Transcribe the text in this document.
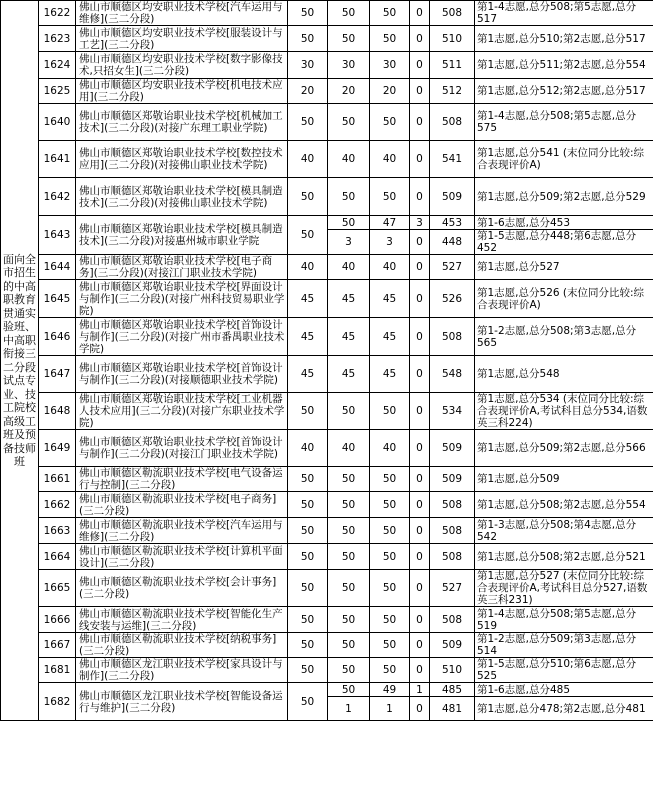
面向全市招生的中高职教育贯通实验班、中高职衔接三二分段试点专业、技工院校高级工班及预备技师班	1622	佛山市顺德区均安职业技术学校[汽车运用与维修](三二分段)	50	50	50	0	508	第1-4志愿,总分508;第5志愿,总分517
	1623	佛山市顺德区均安职业技术学校[服装设计与工艺](三二分段)	50	50	50	0	510	第1志愿,总分510;第2志愿,总分517
	1624	佛山市顺德区均安职业技术学校[数字影像技术,只招女生](三二分段)	30	30	30	0	511	第1志愿,总分511;第2志愿,总分554
	1625	佛山市顺德区均安职业技术学校[机电技术应用](三二分段)	20	20	20	0	512	第1志愿,总分512;第2志愿,总分517
	1640	佛山市顺德区郑敬诒职业技术学校[机械加工技术](三二分段)(对接广东理工职业学院)	50	50	50	0	508	第1-4志愿,总分508;第5志愿,总分575
	1641	佛山市顺德区郑敬诒职业技术学校[数控技术应用](三二分段)(对接佛山职业技术学院)	40	40	40	0	541	第1志愿,总分541 (末位同分比较:综合表现评价A)
	1642	佛山市顺德区郑敬诒职业技术学校[模具制造技术](三二分段)(对接佛山职业技术学院)	50	50	50	0	509	第1志愿,总分509;第2志愿,总分529
	1643	佛山市顺德区郑敬诒职业技术学校[模具制造技术](三二分段)对接惠州城市职业学院	50	50	47	3	453	第1-6志愿,总分453
				3	3	0	448	第1-5志愿,总分448;第6志愿,总分452
	1644	佛山市顺德区郑敬诒职业技术学校[电子商务](三二分段)(对接江门职业技术学院)	40	40	40	0	527	第1志愿,总分527
	1645	佛山市顺德区郑敬诒职业技术学校[界面设计与制作](三二分段)(对接广州科技贸易职业学院)	45	45	45	0	526	第1志愿,总分526 (末位同分比较:综合表现评价A)
	1646	佛山市顺德区郑敬诒职业技术学校[首饰设计与制作](三二分段)(对接广州市番禺职业技术学院)	45	45	45	0	508	第1-2志愿,总分508;第3志愿,总分565
	1647	佛山市顺德区郑敬诒职业技术学校[首饰设计与制作](三二分段)(对接顺德职业技术学院)	45	45	45	0	548	第1志愿,总分548
	1648	佛山市顺德区郑敬诒职业技术学校[工业机器人技术应用](三二分段)(对接广东职业技术学院)	50	50	50	0	534	第1志愿,总分534 (末位同分比较:综合表现评价A,考试科目总分534,语数英三科224)
	1649	佛山市顺德区郑敬诒职业技术学校[首饰设计与制作](三二分段)(对接江门职业技术学院)	40	40	40	0	509	第1志愿,总分509;第2志愿,总分566
	1661	佛山市顺德区勒流职业技术学校[电气设备运行与控制](三二分段)	50	50	50	0	509	第1志愿,总分509
	1662	佛山市顺德区勒流职业技术学校[电子商务](三二分段)	50	50	50	0	508	第1志愿,总分508;第2志愿,总分554
	1663	佛山市顺德区勒流职业技术学校[汽车运用与维修](三二分段)	50	50	50	0	508	第1-3志愿,总分508;第4志愿,总分542
	1664	佛山市顺德区勒流职业技术学校[计算机平面设计](三二分段)	50	50	50	0	508	第1志愿,总分508;第2志愿,总分521
	1665	佛山市顺德区勒流职业技术学校[会计事务](三二分段)	50	50	50	0	527	第1志愿,总分527 (末位同分比较:综合表现评价A,考试科目总分527,语数英三科231)
	1666	佛山市顺德区勒流职业技术学校[智能化生产线安装与运维](三二分段)	50	50	50	0	508	第1-4志愿,总分508;第5志愿,总分519
	1667	佛山市顺德区勒流职业技术学校[纳税事务](三二分段)	50	50	50	0	509	第1-2志愿,总分509;第3志愿,总分514
	1681	佛山市顺德区龙江职业技术学校[家具设计与制作](三二分段)	50	50	50	0	510	第1-5志愿,总分510;第6志愿,总分525
	1682	佛山市顺德区龙江职业技术学校[智能设备运行与维护](三二分段)	50	50	49	1	485	第1-6志愿,总分485
				1	1	0	481	第1志愿,总分478;第2志愿,总分481
